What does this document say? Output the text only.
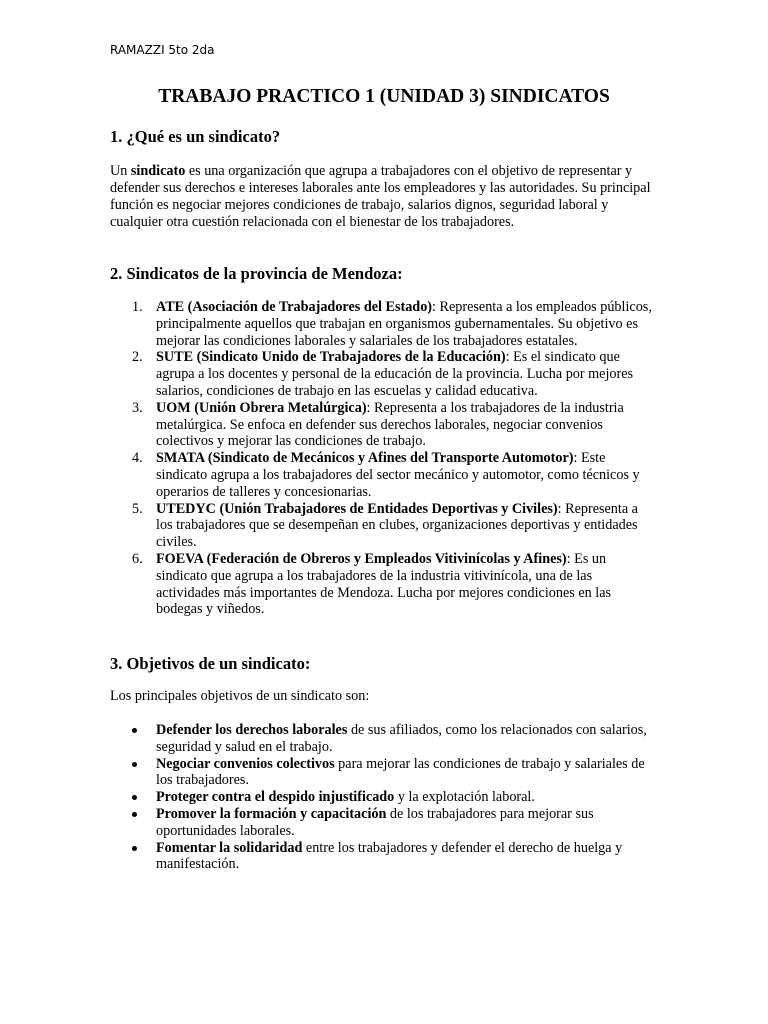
RAMAZZI 5to 2da
TRABAJO PRACTICO 1 (UNIDAD 3) SINDICATOS
1. ¿Qué es un sindicato?

Un sindicato es una organización que agrupa a trabajadores con el objetivo de representar y defender sus derechos e intereses laborales ante los empleadores y las autoridades. Su principal función es negociar mejores condiciones de trabajo, salarios dignos, seguridad laboral y cualquier otra cuestión relacionada con el bienestar de los trabajadores.

2. Sindicatos de la provincia de Mendoza:
1. ATE (Asociación de Trabajadores del Estado): Representa a los empleados públicos, principalmente aquellos que trabajan en organismos gubernamentales. Su objetivo es mejorar las condiciones laborales y salariales de los trabajadores estatales.
2. SUTE (Sindicato Unido de Trabajadores de la Educación): Es el sindicato que agrupa a los docentes y personal de la educación de la provincia. Lucha por mejores salarios, condiciones de trabajo en las escuelas y calidad educativa.
3. UOM (Unión Obrera Metalúrgica): Representa a los trabajadores de la industria metalúrgica. Se enfoca en defender sus derechos laborales, negociar convenios colectivos y mejorar las condiciones de trabajo.
4. SMATA (Sindicato de Mecánicos y Afines del Transporte Automotor): Este sindicato agrupa a los trabajadores del sector mecánico y automotor, como técnicos y operarios de talleres y concesionarias.
5. UTEDYC (Unión Trabajadores de Entidades Deportivas y Civiles): Representa a los trabajadores que se desempeñan en clubes, organizaciones deportivas y entidades civiles.
6. FOEVA (Federación de Obreros y Empleados Vitivinícolas y Afines): Es un sindicato que agrupa a los trabajadores de la industria vitivinícola, una de las actividades más importantes de Mendoza. Lucha por mejores condiciones en las bodegas y viñedos.
3. Objetivos de un sindicato:

Los principales objetivos de un sindicato son:

Defender los derechos laborales de sus afiliados, como los relacionados con salarios, seguridad y salud en el trabajo.
Negociar convenios colectivos para mejorar las condiciones de trabajo y salariales de los trabajadores.
Proteger contra el despido injustificado y la explotación laboral.
Promover la formación y capacitación de los trabajadores para mejorar sus oportunidades laborales.
Fomentar la solidaridad entre los trabajadores y defender el derecho de huelga y manifestación.
